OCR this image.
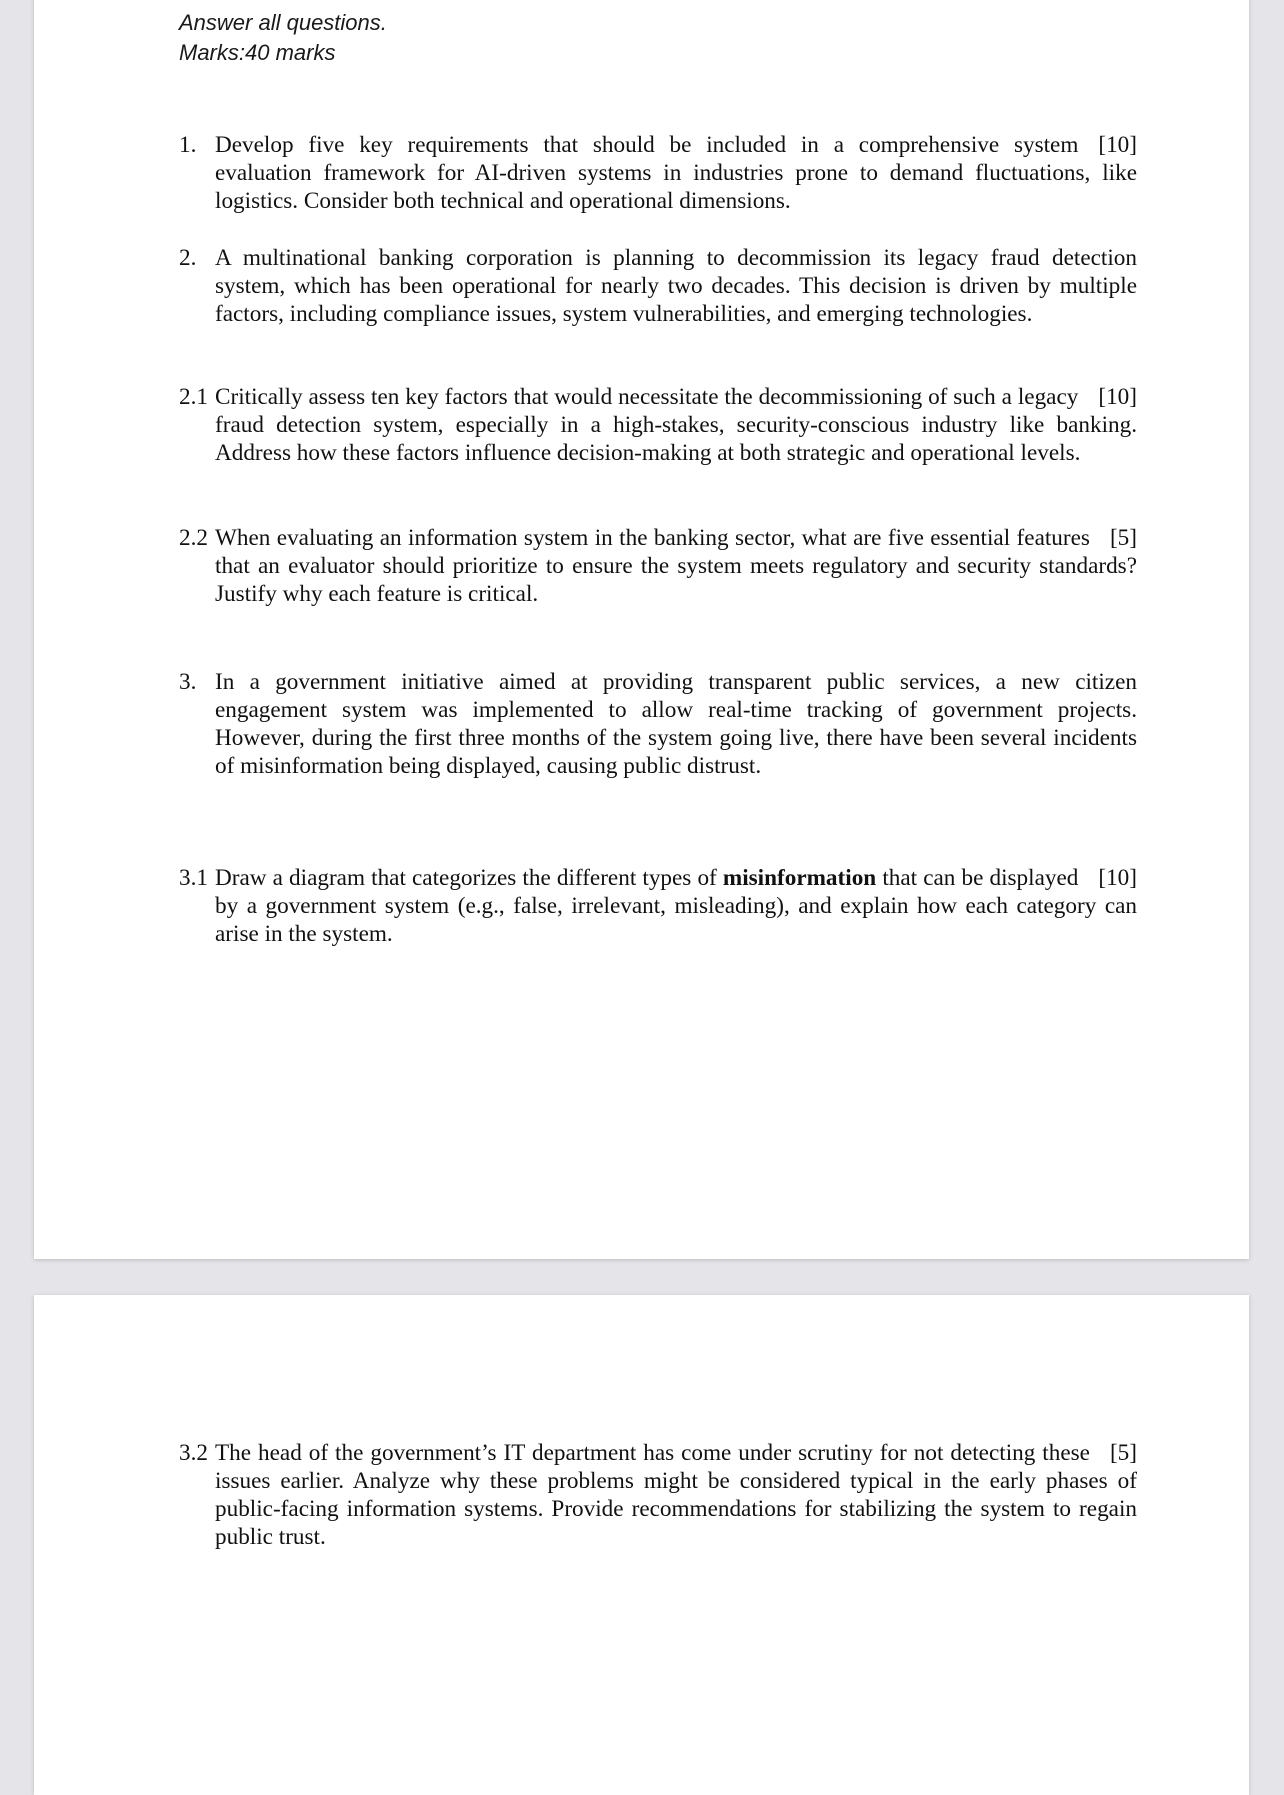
Answer all questions.
Marks:40 marks
1.	[10]
Develop five key requirements that should be included in a comprehensive system evaluation framework for AI-driven systems in industries prone to demand fluctuations, like logistics. Consider both technical and operational dimensions.
2. A multinational banking corporation is planning to decommission its legacy fraud detection system, which has been operational for nearly two decades. This decision is driven by multiple factors, including compliance issues, system vulnerabilities, and emerging technologies.
2.1	[10]
Critically assess ten key factors that would necessitate the decommissioning of such a legacy fraud detection system, especially in a high-stakes, security-conscious industry like banking. Address how these factors influence decision-making at both strategic and operational levels.
2.2	[5]
When evaluating an information system in the banking sector, what are five essential features that an evaluator should prioritize to ensure the system meets regulatory and security standards? Justify why each feature is critical.
3. In a government initiative aimed at providing transparent public services, a new citizen engagement system was implemented to allow real-time tracking of government projects. However, during the first three months of the system going live, there have been several incidents of misinformation being displayed, causing public distrust.
3.1	[10]
Draw a diagram that categorizes the different types of misinformation that can be displayed by a government system (e.g., false, irrelevant, misleading), and explain how each category can arise in the system.
3.2	[5]
The head of the government’s IT department has come under scrutiny for not detecting these issues earlier. Analyze why these problems might be considered typical in the early phases of public-facing information systems. Provide recommendations for stabilizing the system to regain public trust.
